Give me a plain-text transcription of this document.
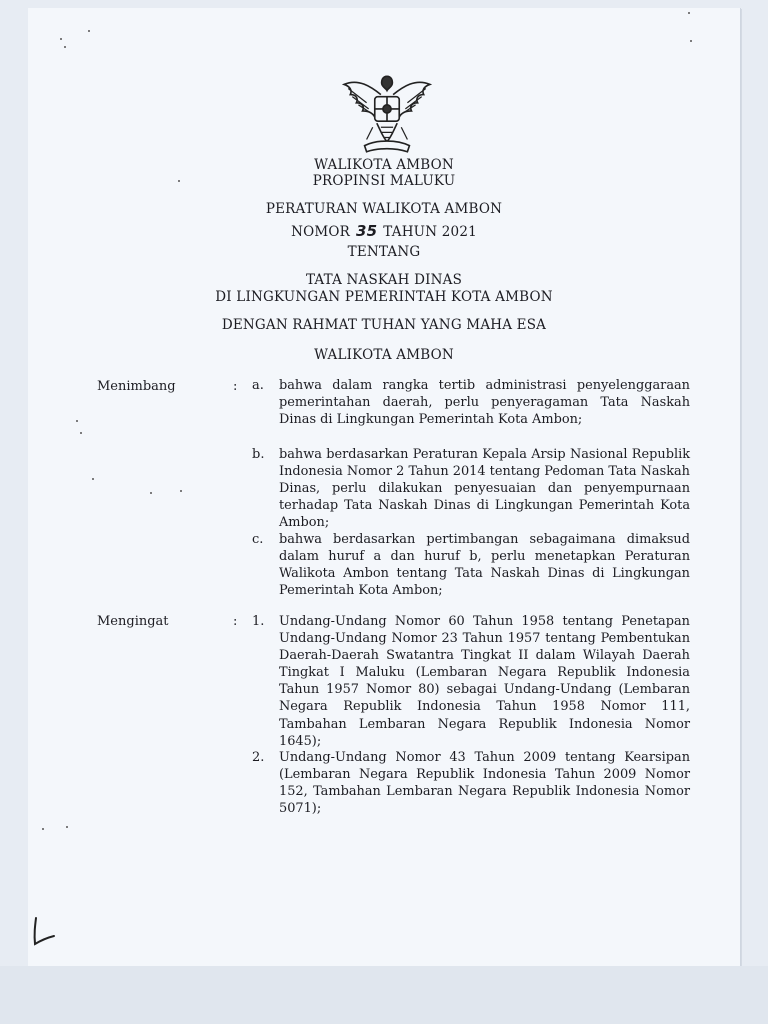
WALIKOTA AMBON
PROPINSI MALUKU
PERATURAN WALIKOTA AMBON
NOMOR 35 TAHUN 2021
TENTANG
TATA NASKAH DINAS
DI LINGKUNGAN PEMERINTAH KOTA AMBON
DENGAN RAHMAT TUHAN YANG MAHA ESA
WALIKOTA AMBON
Menimbang	: a. bahwa dalam rangka tertib administrasi penyelenggaraan pemerintahan daerah, perlu penyeragaman Tata Naskah Dinas di Lingkungan Pemerintah Kota Ambon;
b. bahwa berdasarkan Peraturan Kepala Arsip Nasional Republik Indonesia Nomor 2 Tahun 2014 tentang Pedoman Tata Naskah Dinas, perlu dilakukan penyesuaian dan penyempurnaan terhadap Tata Naskah Dinas di Lingkungan Pemerintah Kota Ambon;
c. bahwa berdasarkan pertimbangan sebagaimana dimaksud dalam huruf a dan huruf b, perlu menetapkan Peraturan Walikota Ambon tentang Tata Naskah Dinas di Lingkungan Pemerintah Kota Ambon;
Mengingat	: 1. Undang-Undang Nomor 60 Tahun 1958 tentang Penetapan Undang-Undang Nomor 23 Tahun 1957 tentang Pembentukan Daerah-Daerah Swatantra Tingkat II dalam Wilayah Daerah Tingkat I Maluku (Lembaran Negara Republik Indonesia Tahun 1957 Nomor 80) sebagai Undang-Undang (Lembaran Negara Republik Indonesia Tahun 1958 Nomor 111, Tambahan Lembaran Negara Republik Indonesia Nomor 1645);
2. Undang-Undang Nomor 43 Tahun 2009 tentang Kearsipan (Lembaran Negara Republik Indonesia Tahun 2009 Nomor 152, Tambahan Lembaran Negara Republik Indonesia Nomor 5071);
